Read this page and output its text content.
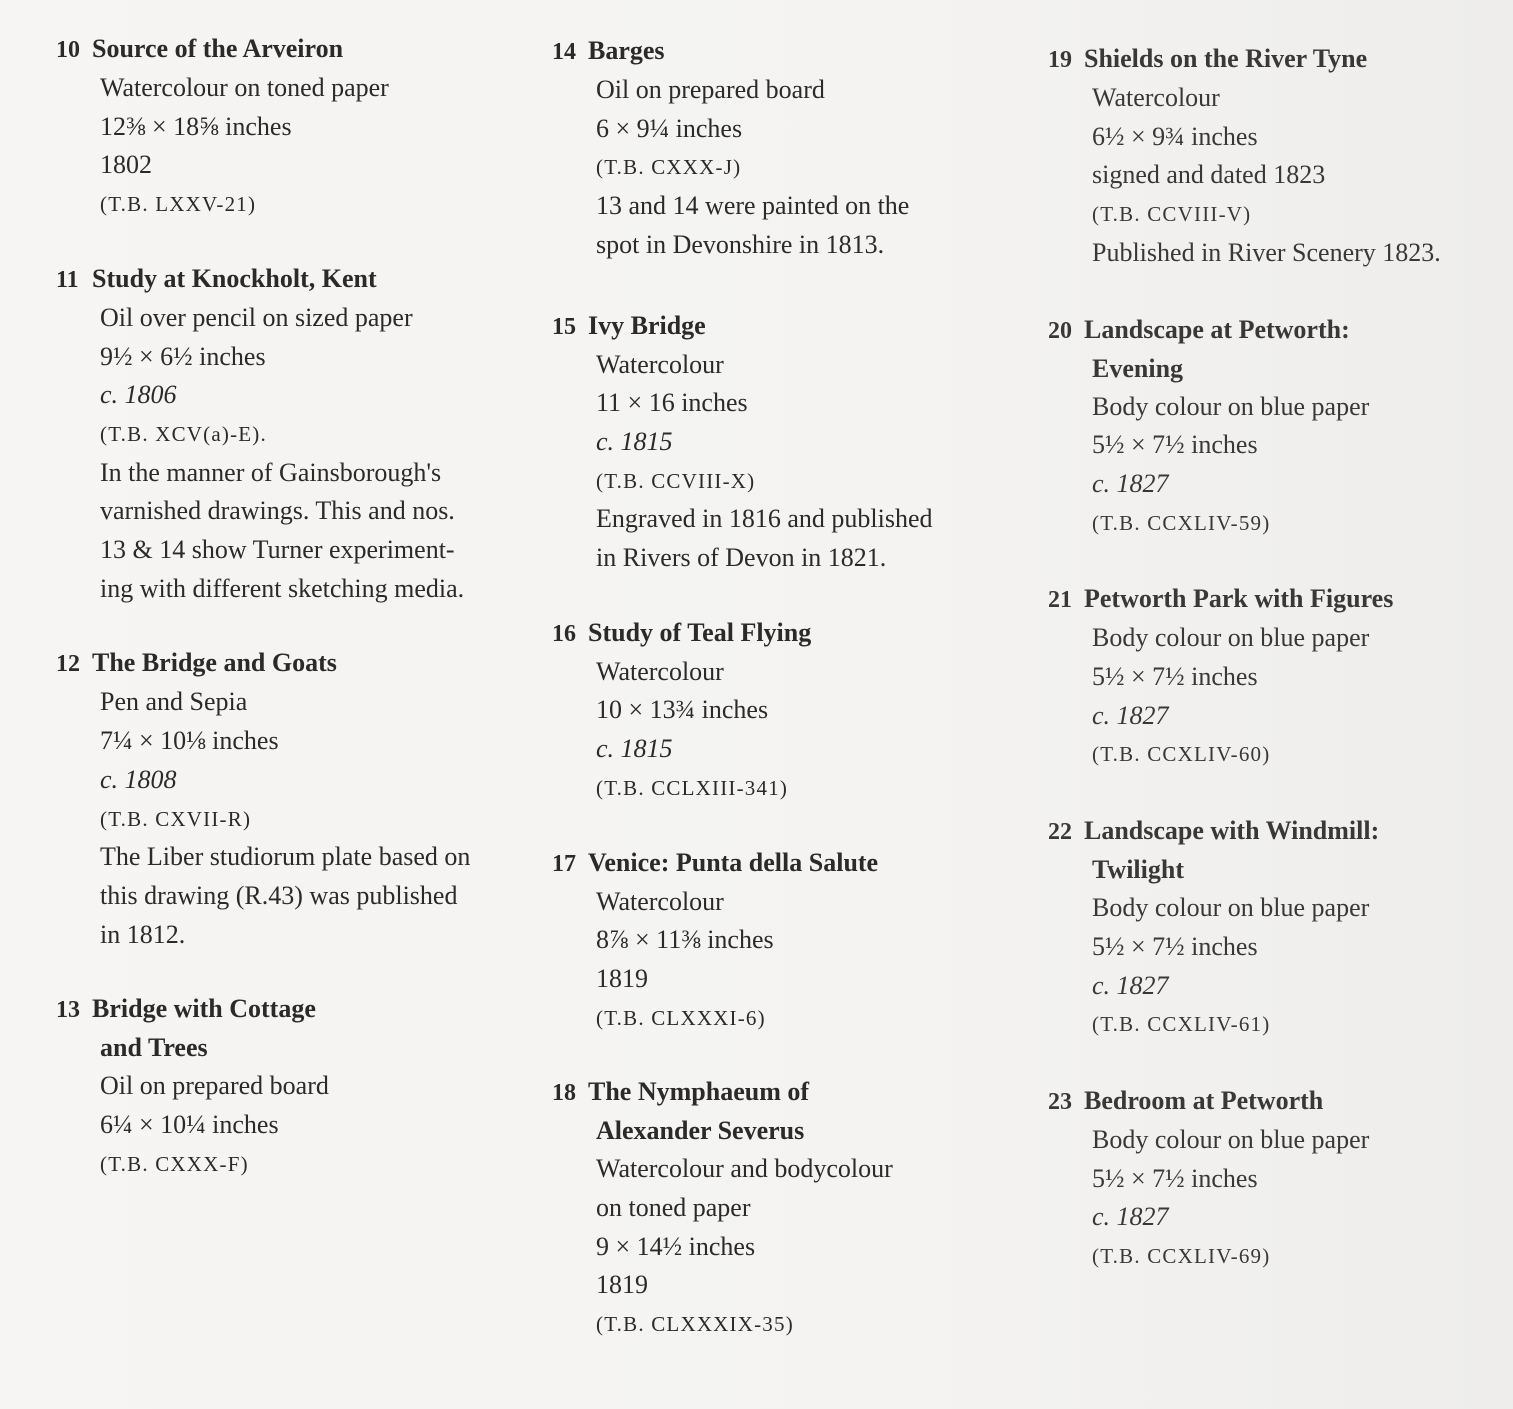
10 Source of the Arveiron
Watercolour on toned paper
12⅜ × 18⅝ inches
1802
(T.B. LXXV-21)
11 Study at Knockholt, Kent
Oil over pencil on sized paper
9½ × 6½ inches
c. 1806
(T.B. XCV(a)-E).
In the manner of Gainsborough's
varnished drawings. This and nos.
13 & 14 show Turner experiment-
ing with different sketching media.
12 The Bridge and Goats
Pen and Sepia
7¼ × 10⅛ inches
c. 1808
(T.B. CXVII-R)
The Liber studiorum plate based on
this drawing (R.43) was published
in 1812.
13 Bridge with Cottage
and Trees
Oil on prepared board
6¼ × 10¼ inches
(T.B. CXXX-F)
14 Barges
Oil on prepared board
6 × 9¼ inches
(T.B. CXXX-J)
13 and 14 were painted on the
spot in Devonshire in 1813.
15 Ivy Bridge
Watercolour
11 × 16 inches
c. 1815
(T.B. CCVIII-X)
Engraved in 1816 and published
in Rivers of Devon in 1821.
16 Study of Teal Flying
Watercolour
10 × 13¾ inches
c. 1815
(T.B. CCLXIII-341)
17 Venice: Punta della Salute
Watercolour
8⅞ × 11⅜ inches
1819
(T.B. CLXXXI-6)
18 The Nymphaeum of
Alexander Severus
Watercolour and bodycolour
on toned paper
9 × 14½ inches
1819
(T.B. CLXXXIX-35)
19 Shields on the River Tyne
Watercolour
6½ × 9¾ inches
signed and dated 1823
(T.B. CCVIII-V)
Published in River Scenery 1823.
20 Landscape at Petworth:
Evening
Body colour on blue paper
5½ × 7½ inches
c. 1827
(T.B. CCXLIV-59)
21 Petworth Park with Figures
Body colour on blue paper
5½ × 7½ inches
c. 1827
(T.B. CCXLIV-60)
22 Landscape with Windmill:
Twilight
Body colour on blue paper
5½ × 7½ inches
c. 1827
(T.B. CCXLIV-61)
23 Bedroom at Petworth
Body colour on blue paper
5½ × 7½ inches
c. 1827
(T.B. CCXLIV-69)
